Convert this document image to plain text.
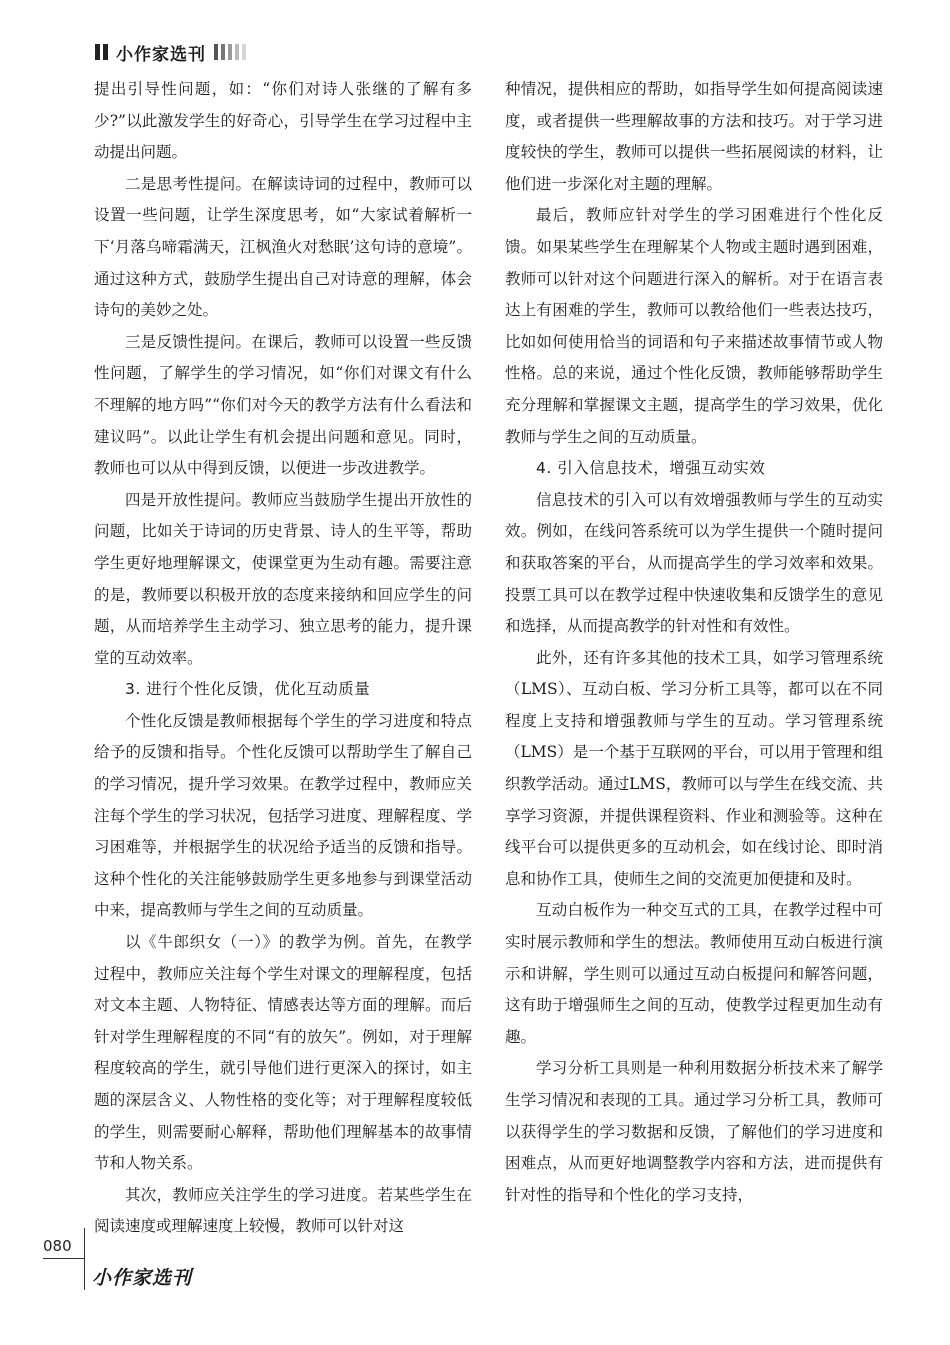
小作家选刊

提出引导性问题，如：“你们对诗人张继的了解有多少?”以此激发学生的好奇心，引导学生在学习过程中主动提出问题。

二是思考性提问。在解读诗词的过程中，教师可以设置一些问题，让学生深度思考，如“大家试着解析一下‘月落乌啼霜满天，江枫渔火对愁眠’这句诗的意境”。通过这种方式，鼓励学生提出自己对诗意的理解，体会诗句的美妙之处。

三是反馈性提问。在课后，教师可以设置一些反馈性问题，了解学生的学习情况，如“你们对课文有什么不理解的地方吗”“你们对今天的教学方法有什么看法和建议吗”。以此让学生有机会提出问题和意见。同时，教师也可以从中得到反馈，以便进一步改进教学。

四是开放性提问。教师应当鼓励学生提出开放性的问题，比如关于诗词的历史背景、诗人的生平等，帮助学生更好地理解课文，使课堂更为生动有趣。需要注意的是，教师要以积极开放的态度来接纳和回应学生的问题，从而培养学生主动学习、独立思考的能力，提升课堂的互动效率。

3. 进行个性化反馈，优化互动质量

个性化反馈是教师根据每个学生的学习进度和特点给予的反馈和指导。个性化反馈可以帮助学生了解自己的学习情况，提升学习效果。在教学过程中，教师应关注每个学生的学习状况，包括学习进度、理解程度、学习困难等，并根据学生的状况给予适当的反馈和指导。这种个性化的关注能够鼓励学生更多地参与到课堂活动中来，提高教师与学生之间的互动质量。

以《牛郎织女（一）》的教学为例。首先，在教学过程中，教师应关注每个学生对课文的理解程度，包括对文本主题、人物特征、情感表达等方面的理解。而后针对学生理解程度的不同“有的放矢”。例如，对于理解程度较高的学生，就引导他们进行更深入的探讨，如主题的深层含义、人物性格的变化等；对于理解程度较低的学生，则需要耐心解释，帮助他们理解基本的故事情节和人物关系。

其次，教师应关注学生的学习进度。若某些学生在阅读速度或理解速度上较慢，教师可以针对这

种情况，提供相应的帮助，如指导学生如何提高阅读速度，或者提供一些理解故事的方法和技巧。对于学习进度较快的学生，教师可以提供一些拓展阅读的材料，让他们进一步深化对主题的理解。

最后，教师应针对学生的学习困难进行个性化反馈。如果某些学生在理解某个人物或主题时遇到困难，教师可以针对这个问题进行深入的解析。对于在语言表达上有困难的学生，教师可以教给他们一些表达技巧，比如如何使用恰当的词语和句子来描述故事情节或人物性格。总的来说，通过个性化反馈，教师能够帮助学生充分理解和掌握课文主题，提高学生的学习效果，优化教师与学生之间的互动质量。

4. 引入信息技术，增强互动实效

信息技术的引入可以有效增强教师与学生的互动实效。例如，在线问答系统可以为学生提供一个随时提问和获取答案的平台，从而提高学生的学习效率和效果。投票工具可以在教学过程中快速收集和反馈学生的意见和选择，从而提高教学的针对性和有效性。

此外，还有许多其他的技术工具，如学习管理系统（LMS）、互动白板、学习分析工具等，都可以在不同程度上支持和增强教师与学生的互动。学习管理系统（LMS）是一个基于互联网的平台，可以用于管理和组织教学活动。通过LMS，教师可以与学生在线交流、共享学习资源，并提供课程资料、作业和测验等。这种在线平台可以提供更多的互动机会，如在线讨论、即时消息和协作工具，使师生之间的交流更加便捷和及时。

互动白板作为一种交互式的工具，在教学过程中可实时展示教师和学生的想法。教师使用互动白板进行演示和讲解，学生则可以通过互动白板提问和解答问题，这有助于增强师生之间的互动，使教学过程更加生动有趣。

学习分析工具则是一种利用数据分析技术来了解学生学习情况和表现的工具。通过学习分析工具，教师可以获得学生的学习数据和反馈，了解他们的学习进度和困难点，从而更好地调整教学内容和方法，进而提供有针对性的指导和个性化的学习支持，

080
小作家选刊
